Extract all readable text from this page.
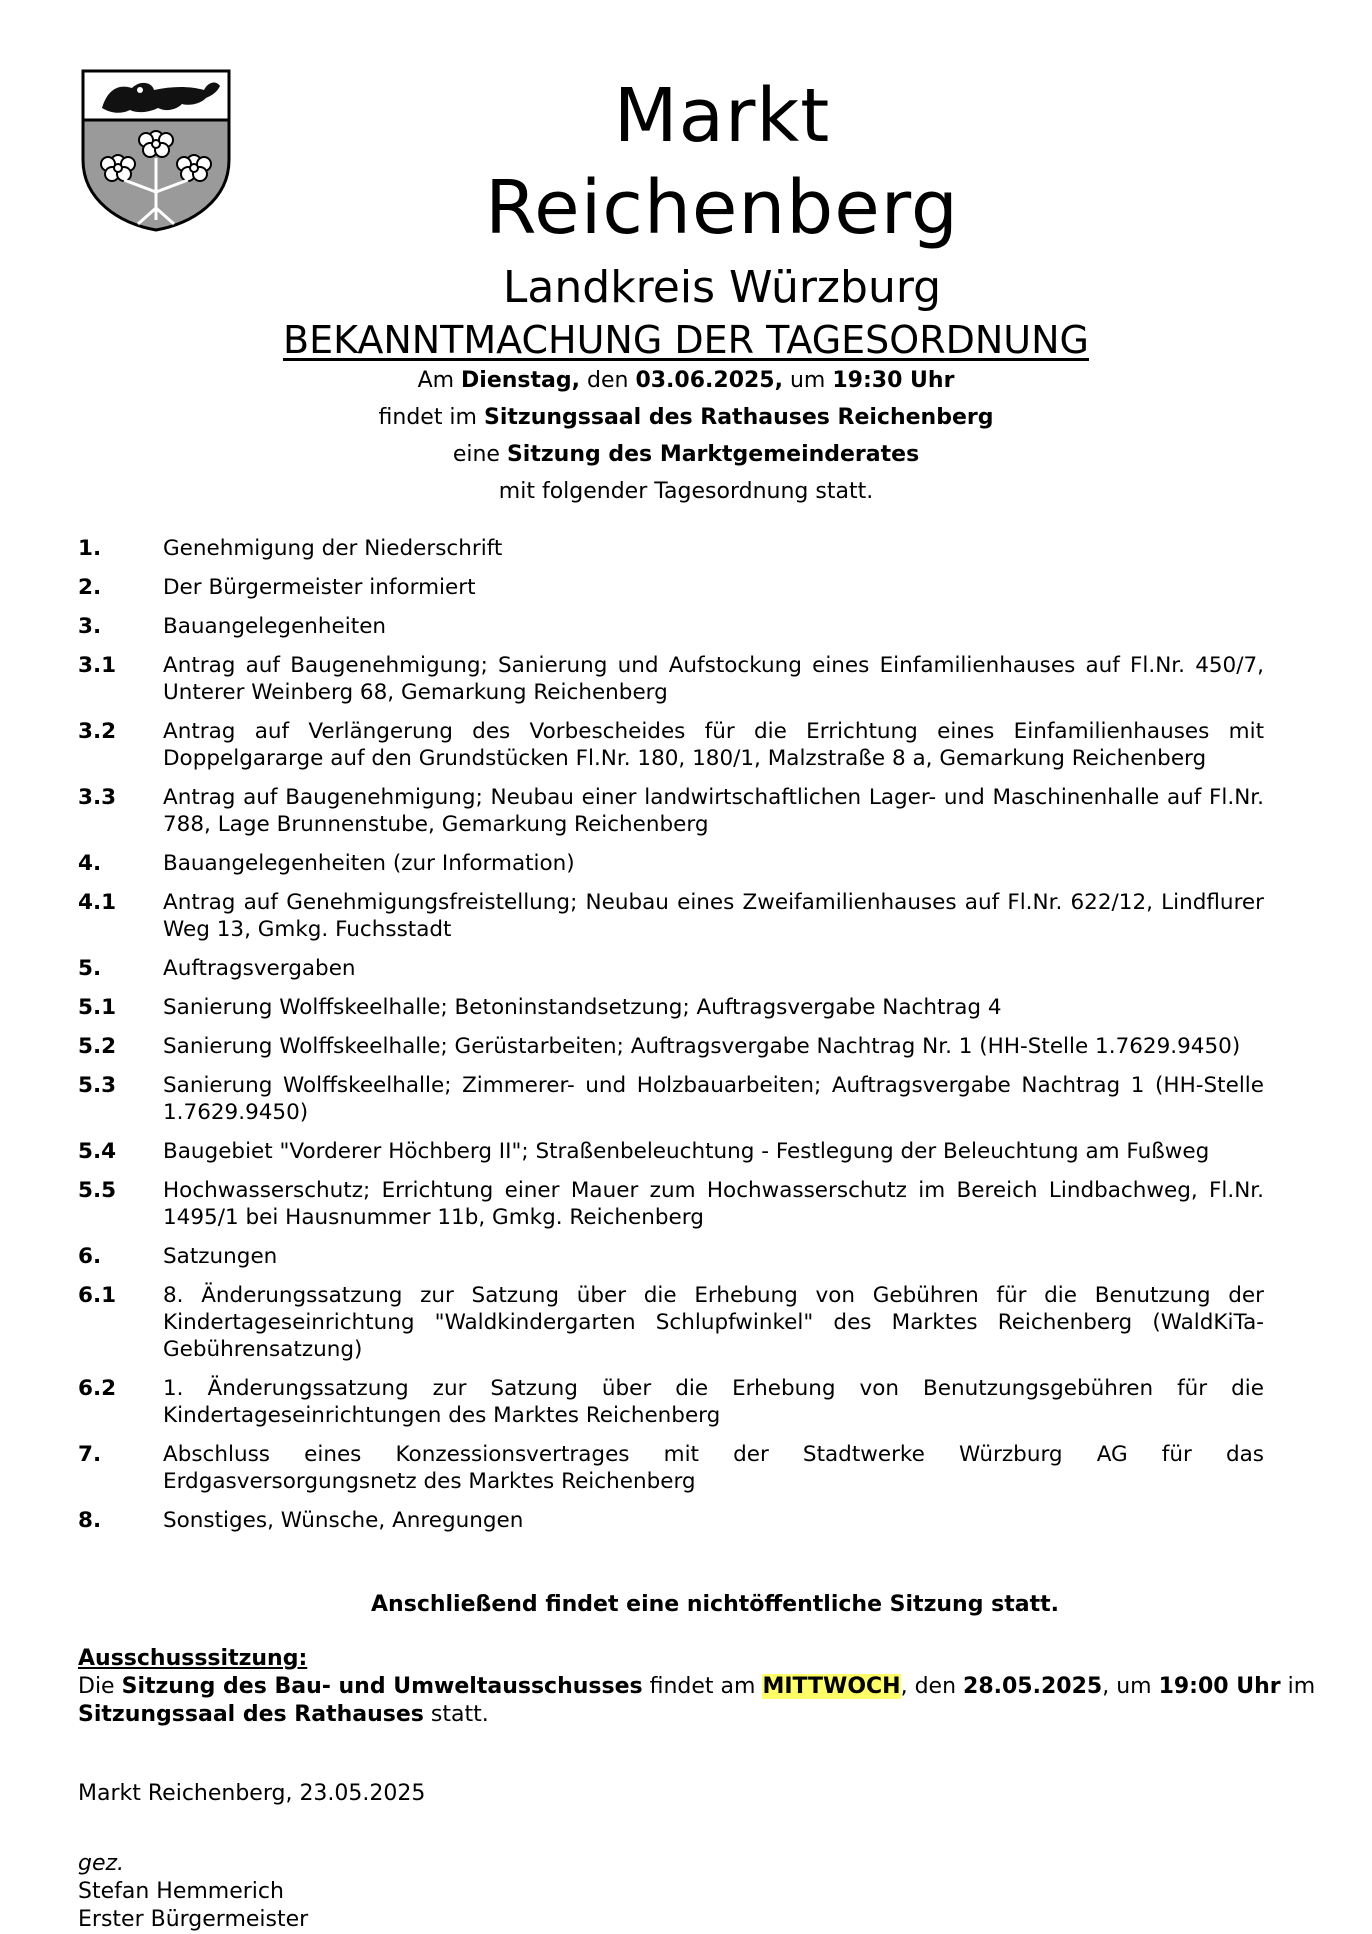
Markt Reichenberg
Landkreis Würzburg
BEKANNTMACHUNG DER TAGESORDNUNG
Am Dienstag, den 03.06.2025, um 19:30 Uhr
findet im Sitzungssaal des Rathauses Reichenberg
eine Sitzung des Marktgemeinderates
mit folgender Tagesordnung statt.
1.	Genehmigung der Niederschrift
2.	Der Bürgermeister informiert
3.	Bauangelegenheiten
3.1	Antrag auf Baugenehmigung; Sanierung und Aufstockung eines Einfamilienhauses auf Fl.Nr. 450/7, Unterer Weinberg 68, Gemarkung Reichenberg
3.2	Antrag auf Verlängerung des Vorbescheides für die Errichtung eines Einfamilienhauses mit Doppelgararge auf den Grundstücken Fl.Nr. 180, 180/1, Malzstraße 8 a, Gemarkung Reichenberg
3.3	Antrag auf Baugenehmigung; Neubau einer landwirtschaftlichen Lager- und Maschinenhalle auf Fl.Nr. 788, Lage Brunnenstube, Gemarkung Reichenberg
4.	Bauangelegenheiten (zur Information)
4.1	Antrag auf Genehmigungsfreistellung; Neubau eines Zweifamilienhauses auf Fl.Nr. 622/12, Lindflurer Weg 13, Gmkg. Fuchsstadt
5.	Auftragsvergaben
5.1	Sanierung Wolffskeelhalle; Betoninstandsetzung; Auftragsvergabe Nachtrag 4
5.2	Sanierung Wolffskeelhalle; Gerüstarbeiten; Auftragsvergabe Nachtrag Nr. 1 (HH-Stelle 1.7629.9450)
5.3	Sanierung Wolffskeelhalle; Zimmerer- und Holzbauarbeiten; Auftragsvergabe Nachtrag 1 (HH-Stelle 1.7629.9450)
5.4	Baugebiet "Vorderer Höchberg II"; Straßenbeleuchtung - Festlegung der Beleuchtung am Fußweg
5.5	Hochwasserschutz; Errichtung einer Mauer zum Hochwasserschutz im Bereich Lindbachweg, Fl.Nr. 1495/1 bei Hausnummer 11b, Gmkg. Reichenberg
6.	Satzungen
6.1	8. Änderungssatzung zur Satzung über die Erhebung von Gebühren für die Benutzung der Kindertageseinrichtung "Waldkindergarten Schlupfwinkel" des Marktes Reichenberg (WaldKiTa-Gebührensatzung)
6.2	1. Änderungssatzung zur Satzung über die Erhebung von Benutzungsgebühren für die Kindertageseinrichtungen des Marktes Reichenberg
7.	Abschluss eines Konzessionsvertrages mit der Stadtwerke Würzburg AG für das Erdgasversorgungsnetz des Marktes Reichenberg
8.	Sonstiges, Wünsche, Anregungen
Anschließend findet eine nichtöffentliche Sitzung statt.
Ausschusssitzung:
Die Sitzung des Bau- und Umweltausschusses findet am MITTWOCH, den 28.05.2025, um 19:00 Uhr im
Sitzungssaal des Rathauses statt.
Markt Reichenberg, 23.05.2025
gez.
Stefan Hemmerich
Erster Bürgermeister
